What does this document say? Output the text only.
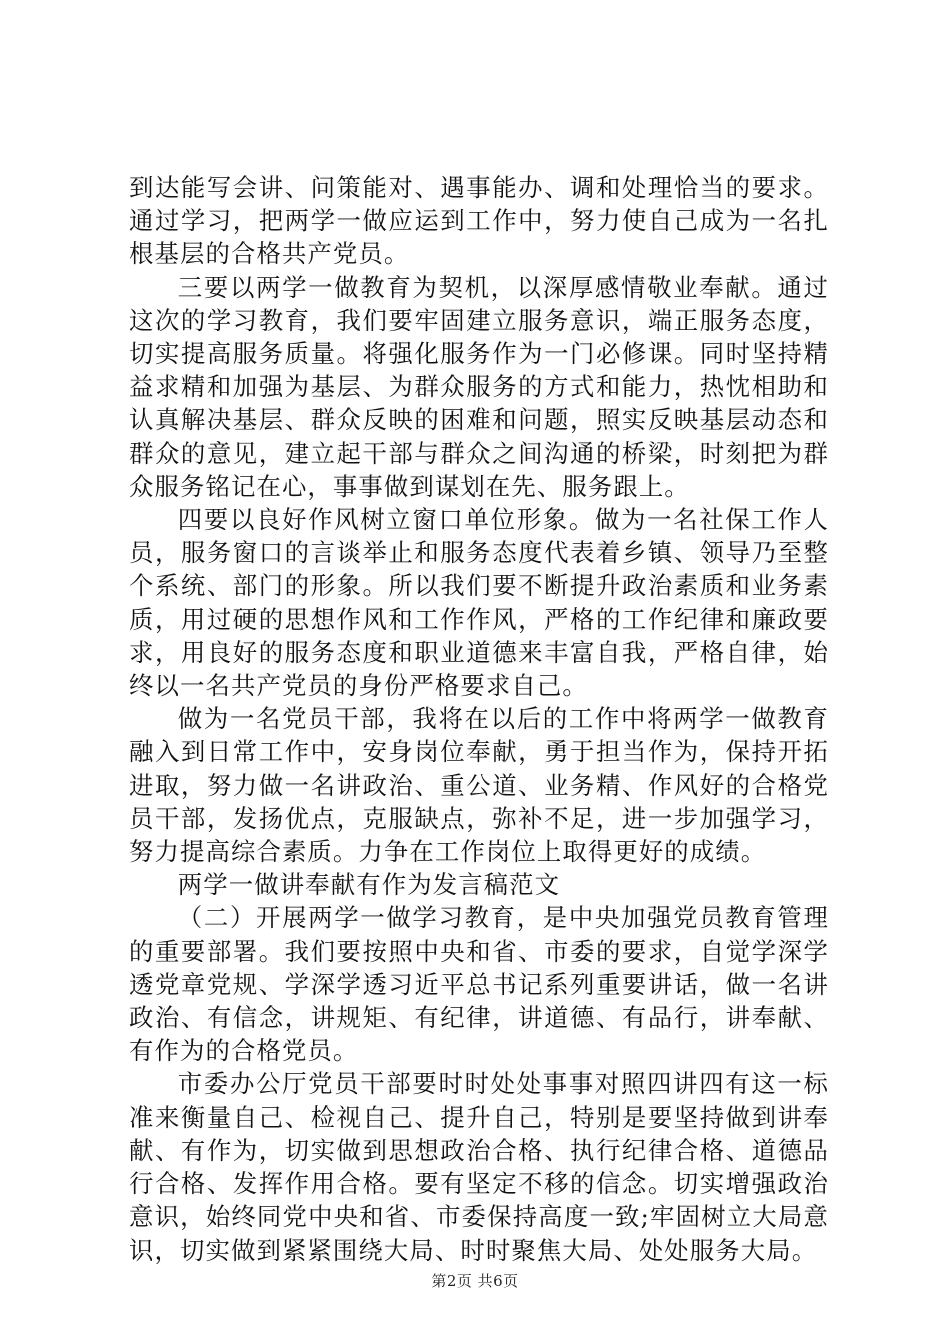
到达能写会讲、问策能对、遇事能办、调和处理恰当的要求。通过学习，把两学一做应运到工作中，努力使自己成为一名扎根基层的合格共产党员。

三要以两学一做教育为契机，以深厚感情敬业奉献。通过这次的学习教育，我们要牢固建立服务意识，端正服务态度，切实提高服务质量。将强化服务作为一门必修课。同时坚持精益求精和加强为基层、为群众服务的方式和能力，热忱相助和认真解决基层、群众反映的困难和问题，照实反映基层动态和群众的意见，建立起干部与群众之间沟通的桥梁，时刻把为群众服务铭记在心，事事做到谋划在先、服务跟上。

四要以良好作风树立窗口单位形象。做为一名社保工作人员，服务窗口的言谈举止和服务态度代表着乡镇、领导乃至整个系统、部门的形象。所以我们要不断提升政治素质和业务素质，用过硬的思想作风和工作作风，严格的工作纪律和廉政要求，用良好的服务态度和职业道德来丰富自我，严格自律，始终以一名共产党员的身份严格要求自己。

做为一名党员干部，我将在以后的工作中将两学一做教育融入到日常工作中，安身岗位奉献，勇于担当作为，保持开拓进取，努力做一名讲政治、重公道、业务精、作风好的合格党员干部，发扬优点，克服缺点，弥补不足，进一步加强学习，努力提高综合素质。力争在工作岗位上取得更好的成绩。

两学一做讲奉献有作为发言稿范文

（二）开展两学一做学习教育，是中央加强党员教育管理的重要部署。我们要按照中央和省、市委的要求，自觉学深学透党章党规、学深学透习近平总书记系列重要讲话，做一名讲政治、有信念，讲规矩、有纪律，讲道德、有品行，讲奉献、有作为的合格党员。

市委办公厅党员干部要时时处处事事对照四讲四有这一标准来衡量自己、检视自己、提升自己，特别是要坚持做到讲奉献、有作为，切实做到思想政治合格、执行纪律合格、道德品行合格、发挥作用合格。要有坚定不移的信念。切实增强政治意识，始终同党中央和省、市委保持高度一致;牢固树立大局意识，切实做到紧紧围绕大局、时时聚焦大局、处处服务大局。

第2页 共6页
